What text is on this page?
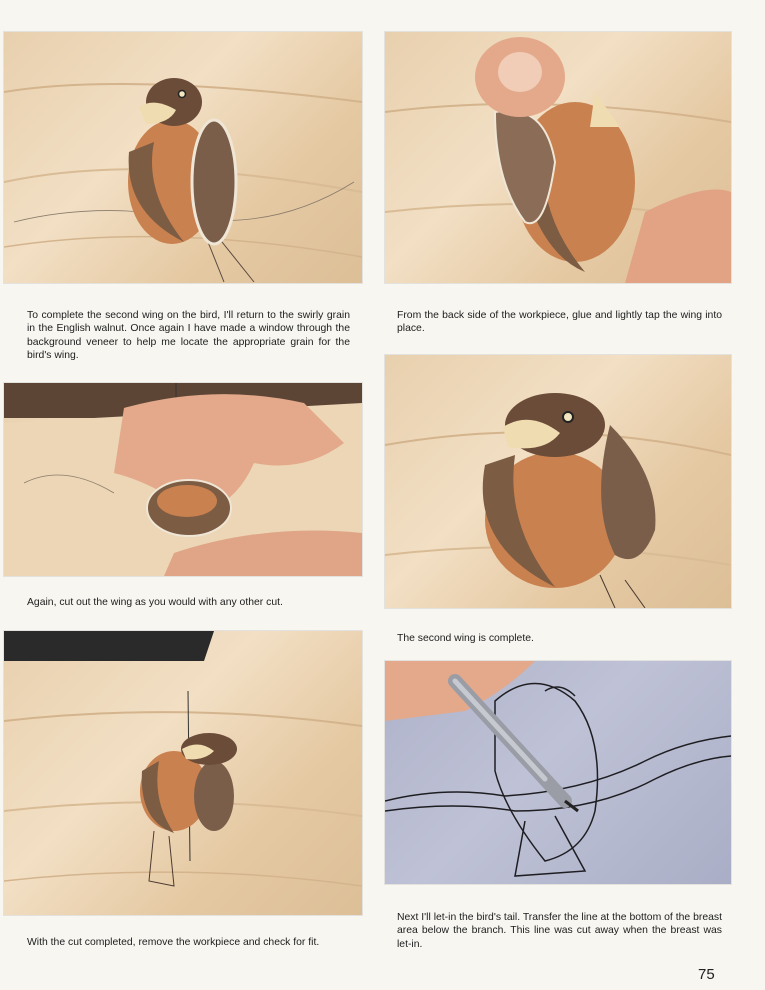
To complete the second wing on the bird, I'll return to the swirly grain in the English walnut. Once again I have made a window through the background veneer to help me locate the appropriate grain for the bird's wing.

From the back side of the workpiece, glue and lightly tap the wing into place.

Again, cut out the wing as you would with any other cut.

The second wing is complete.

With the cut completed, remove the workpiece and check for fit.

Next I'll let-in the bird's tail. Transfer the line at the bottom of the breast area below the branch. This line was cut away when the breast was let-in.

75
